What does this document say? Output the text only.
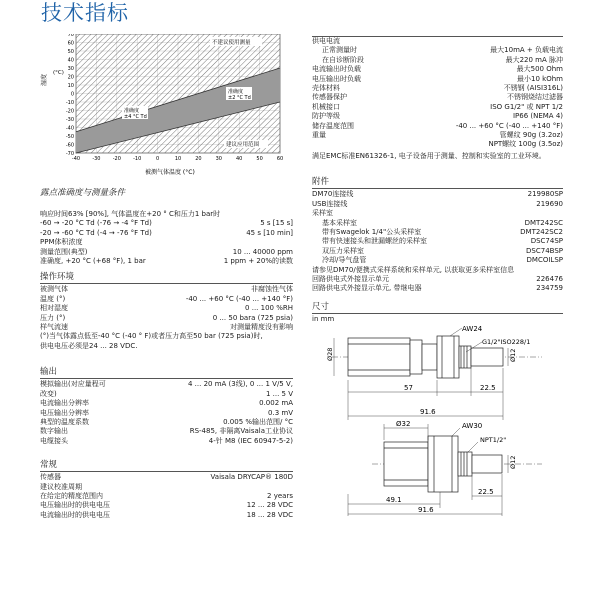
技术指标
70
60
50
40
30
20
10
0
-10
-20
-30
-40
-50
-60
-70
-40 -30 -20 -10	0	10	20	30	40	50	60
湿度
(°C)
被测气体温度 (°C)
不建议使用测量
准确度 ±2 °C Td
准确度 ±4 °C Td
建议应用范围
露点准确度与测量条件
响应时间63% [90%], 气体温度在+20 ° C和压力1 bar时
-60 → -20 °C Td (-76 → -4 °F Td)	5 s [15 s]
-20 → -60 °C Td (-4 → -76 °F Td)	45 s [10 min]
PPM体积浓度
测量范围(典型)	10 ... 40000 ppm
准确度, +20 °C (+68 °F), 1 bar	1 ppm + 20%的读数
操作环境
被测气体	非腐蚀性气体
温度 (°)	-40 ... +60 °C (-40 ... +140 °F)
相对湿度	0 ... 100 %RH
压力 (°)	0 ... 50 bara (725 psia)
样气流速	对测量精度没有影响
(°)当气体露点低至-40 °C (-40 ° F)或者压力高至50 bar (725 psia)时, 供电电压必须是24 ... 28 VDC.
输出
模拟输出(对应量程可	4 ... 20 mA (3线), 0 ... 1 V/5 V,
改变)	1 ... 5 V
电流输出分辨率	0.002 mA
电压输出分辨率	0.3 mV
典型的温度系数	0.005 %输出范围/ °C
数字输出	RS-485, 非隔离Vaisala工业协议
电缆接头	4-针 M8 (IEC 60947-5-2)
常规
传感器	Vaisala DRYCAP® 180D
建议校准周期
在给定的精度范围内	2 years
电压输出时的供电电压	12 ... 28 VDC
电流输出时的供电电压	18 ... 28 VDC
供电电流
正常测量时	最大10mA + 负载电流
在自诊断阶段	最大220 mA 脉冲
电流输出时负载	最大500 Ohm
电压输出时负载	最小10 kOhm
壳体材料	不锈钢 (AISI316L)
传感器保护	不锈钢烧结过滤器
机械接口	ISO G1/2" 或 NPT 1/2
防护等级	IP66 (NEMA 4)
储存温度范围	-40 ... +60 °C (-40 ... +140 °F)
重量	管螺纹 90g (3.2oz)
NPT螺纹 100g (3.5oz)
满足EMC标准EN61326-1, 电子设备用于测量、控制和实验室的工业环境。
附件
DM70连接线	219980SP
USB连接线	219690
采样室
基本采样室	DMT242SC
带有Swagelok 1/4"公头采样室	DMT242SC2
带有快速接头和泄漏螺丝的采样室	DSC74SP
双压力采样室	DSC74BSP
冷却/导气盘管	DMCOILSP
请参见DM70/便携式采样系统和采样单元, 以获取更多采样室信息
回路供电式外接显示单元	226476
回路供电式外接显示单元, 带继电器	234759
尺寸
in mm
AW24
G1/2"ISO228/1
Ø28	Ø12
57	22.5
91.6
Ø32	AW30
NPT1/2"
Ø12
22.5
49.1
91.6
